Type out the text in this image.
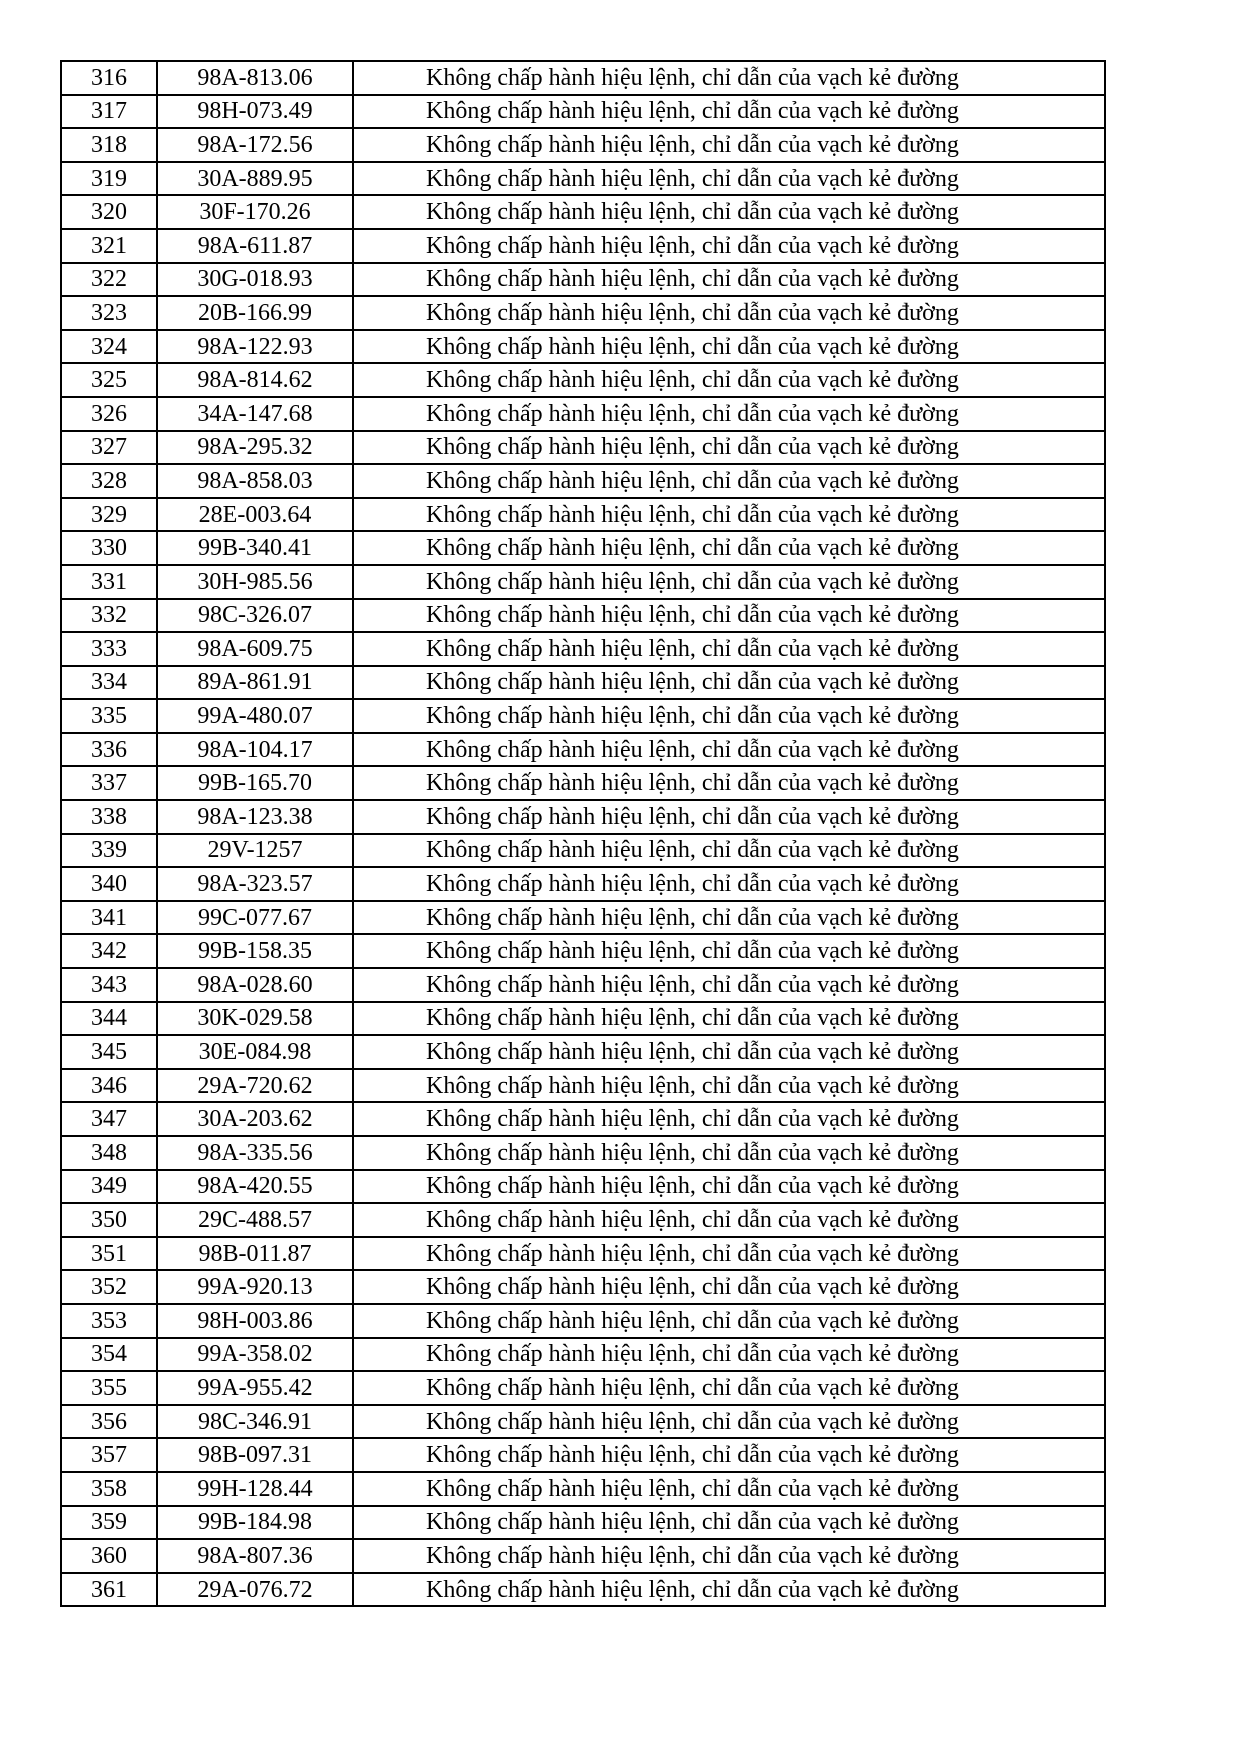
316	98A-813.06	Không chấp hành hiệu lệnh, chỉ dẫn của vạch kẻ đường
317	98H-073.49	Không chấp hành hiệu lệnh, chỉ dẫn của vạch kẻ đường
318	98A-172.56	Không chấp hành hiệu lệnh, chỉ dẫn của vạch kẻ đường
319	30A-889.95	Không chấp hành hiệu lệnh, chỉ dẫn của vạch kẻ đường
320	30F-170.26	Không chấp hành hiệu lệnh, chỉ dẫn của vạch kẻ đường
321	98A-611.87	Không chấp hành hiệu lệnh, chỉ dẫn của vạch kẻ đường
322	30G-018.93	Không chấp hành hiệu lệnh, chỉ dẫn của vạch kẻ đường
323	20B-166.99	Không chấp hành hiệu lệnh, chỉ dẫn của vạch kẻ đường
324	98A-122.93	Không chấp hành hiệu lệnh, chỉ dẫn của vạch kẻ đường
325	98A-814.62	Không chấp hành hiệu lệnh, chỉ dẫn của vạch kẻ đường
326	34A-147.68	Không chấp hành hiệu lệnh, chỉ dẫn của vạch kẻ đường
327	98A-295.32	Không chấp hành hiệu lệnh, chỉ dẫn của vạch kẻ đường
328	98A-858.03	Không chấp hành hiệu lệnh, chỉ dẫn của vạch kẻ đường
329	28E-003.64	Không chấp hành hiệu lệnh, chỉ dẫn của vạch kẻ đường
330	99B-340.41	Không chấp hành hiệu lệnh, chỉ dẫn của vạch kẻ đường
331	30H-985.56	Không chấp hành hiệu lệnh, chỉ dẫn của vạch kẻ đường
332	98C-326.07	Không chấp hành hiệu lệnh, chỉ dẫn của vạch kẻ đường
333	98A-609.75	Không chấp hành hiệu lệnh, chỉ dẫn của vạch kẻ đường
334	89A-861.91	Không chấp hành hiệu lệnh, chỉ dẫn của vạch kẻ đường
335	99A-480.07	Không chấp hành hiệu lệnh, chỉ dẫn của vạch kẻ đường
336	98A-104.17	Không chấp hành hiệu lệnh, chỉ dẫn của vạch kẻ đường
337	99B-165.70	Không chấp hành hiệu lệnh, chỉ dẫn của vạch kẻ đường
338	98A-123.38	Không chấp hành hiệu lệnh, chỉ dẫn của vạch kẻ đường
339	29V-1257	Không chấp hành hiệu lệnh, chỉ dẫn của vạch kẻ đường
340	98A-323.57	Không chấp hành hiệu lệnh, chỉ dẫn của vạch kẻ đường
341	99C-077.67	Không chấp hành hiệu lệnh, chỉ dẫn của vạch kẻ đường
342	99B-158.35	Không chấp hành hiệu lệnh, chỉ dẫn của vạch kẻ đường
343	98A-028.60	Không chấp hành hiệu lệnh, chỉ dẫn của vạch kẻ đường
344	30K-029.58	Không chấp hành hiệu lệnh, chỉ dẫn của vạch kẻ đường
345	30E-084.98	Không chấp hành hiệu lệnh, chỉ dẫn của vạch kẻ đường
346	29A-720.62	Không chấp hành hiệu lệnh, chỉ dẫn của vạch kẻ đường
347	30A-203.62	Không chấp hành hiệu lệnh, chỉ dẫn của vạch kẻ đường
348	98A-335.56	Không chấp hành hiệu lệnh, chỉ dẫn của vạch kẻ đường
349	98A-420.55	Không chấp hành hiệu lệnh, chỉ dẫn của vạch kẻ đường
350	29C-488.57	Không chấp hành hiệu lệnh, chỉ dẫn của vạch kẻ đường
351	98B-011.87	Không chấp hành hiệu lệnh, chỉ dẫn của vạch kẻ đường
352	99A-920.13	Không chấp hành hiệu lệnh, chỉ dẫn của vạch kẻ đường
353	98H-003.86	Không chấp hành hiệu lệnh, chỉ dẫn của vạch kẻ đường
354	99A-358.02	Không chấp hành hiệu lệnh, chỉ dẫn của vạch kẻ đường
355	99A-955.42	Không chấp hành hiệu lệnh, chỉ dẫn của vạch kẻ đường
356	98C-346.91	Không chấp hành hiệu lệnh, chỉ dẫn của vạch kẻ đường
357	98B-097.31	Không chấp hành hiệu lệnh, chỉ dẫn của vạch kẻ đường
358	99H-128.44	Không chấp hành hiệu lệnh, chỉ dẫn của vạch kẻ đường
359	99B-184.98	Không chấp hành hiệu lệnh, chỉ dẫn của vạch kẻ đường
360	98A-807.36	Không chấp hành hiệu lệnh, chỉ dẫn của vạch kẻ đường
361	29A-076.72	Không chấp hành hiệu lệnh, chỉ dẫn của vạch kẻ đường
